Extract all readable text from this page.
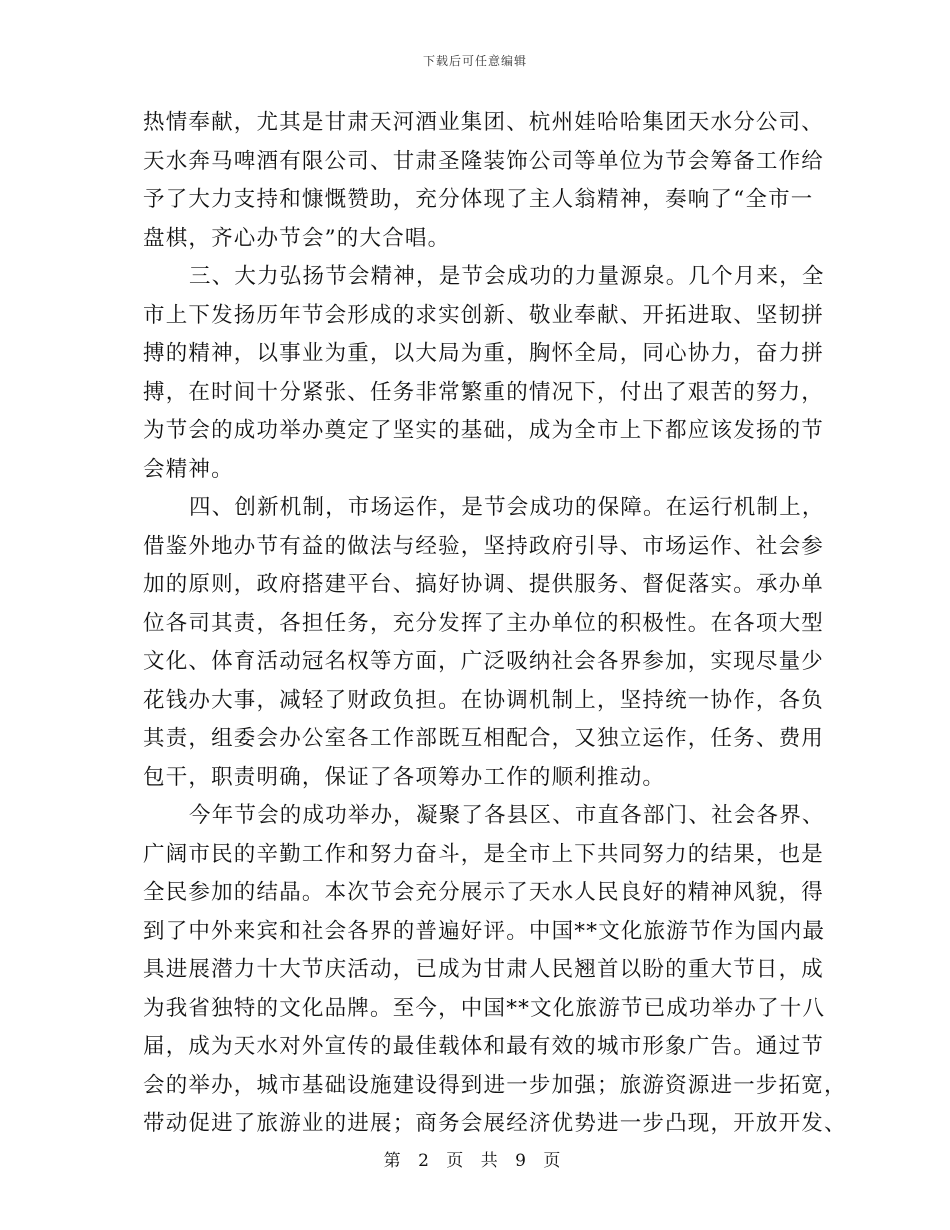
下载后可任意编辑
热情奉献，尤其是甘肃天河酒业集团、杭州娃哈哈集团天水分公司、
天水奔马啤酒有限公司、甘肃圣隆装饰公司等单位为节会筹备工作给
予了大力支持和慷慨赞助，充分体现了主人翁精神，奏响了“全市一
盘棋，齐心办节会”的大合唱。
三、大力弘扬节会精神，是节会成功的力量源泉。几个月来，全
市上下发扬历年节会形成的求实创新、敬业奉献、开拓进取、坚韧拼
搏的精神，以事业为重，以大局为重，胸怀全局，同心协力，奋力拼
搏，在时间十分紧张、任务非常繁重的情况下，付出了艰苦的努力，
为节会的成功举办奠定了坚实的基础，成为全市上下都应该发扬的节
会精神。
四、创新机制，市场运作，是节会成功的保障。在运行机制上，
借鉴外地办节有益的做法与经验，坚持政府引导、市场运作、社会参
加的原则，政府搭建平台、搞好协调、提供服务、督促落实。承办单
位各司其责，各担任务，充分发挥了主办单位的积极性。在各项大型
文化、体育活动冠名权等方面，广泛吸纳社会各界参加，实现尽量少
花钱办大事，减轻了财政负担。在协调机制上，坚持统一协作，各负
其责，组委会办公室各工作部既互相配合，又独立运作，任务、费用
包干，职责明确，保证了各项筹办工作的顺利推动。
今年节会的成功举办，凝聚了各县区、市直各部门、社会各界、
广阔市民的辛勤工作和努力奋斗，是全市上下共同努力的结果，也是
全民参加的结晶。本次节会充分展示了天水人民良好的精神风貌，得
到了中外来宾和社会各界的普遍好评。中国**文化旅游节作为国内最
具进展潜力十大节庆活动，已成为甘肃人民翘首以盼的重大节日，成
为我省独特的文化品牌。至今，中国**文化旅游节已成功举办了十八
届，成为天水对外宣传的最佳载体和最有效的城市形象广告。通过节
会的举办，城市基础设施建设得到进一步加强；旅游资源进一步拓宽，
带动促进了旅游业的进展；商务会展经济优势进一步凸现，开放开发、
第 2 页 共 9 页
